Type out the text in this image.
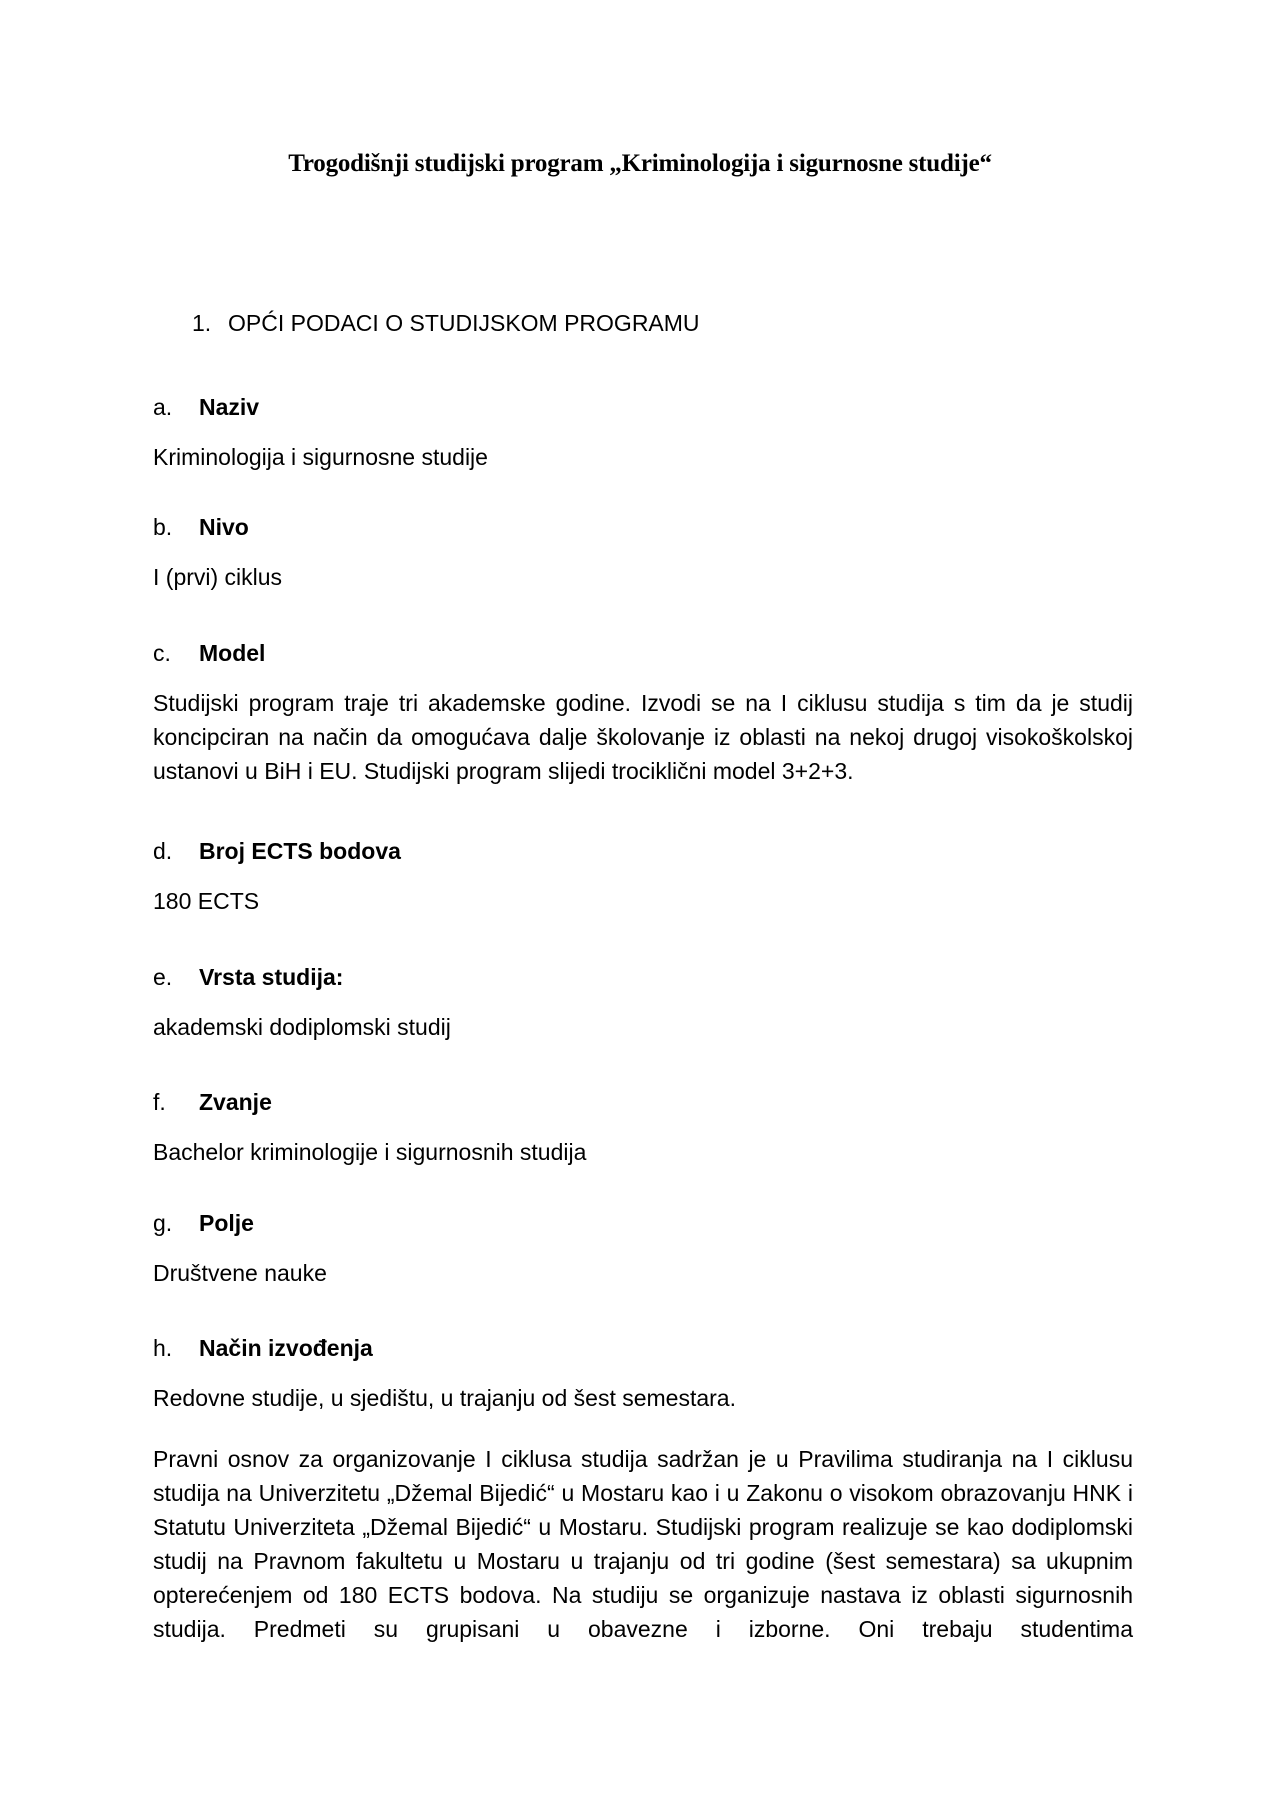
Trogodišnji studijski program „Kriminologija i sigurnosne studije“
1. OPĆI PODACI O STUDIJSKOM PROGRAMU
a. Naziv
Kriminologija i sigurnosne studije
b. Nivo
I (prvi) ciklus
c. Model
Studijski program traje tri akademske godine. Izvodi se na I ciklusu studija s tim da je studij koncipciran na način da omogućava dalje školovanje iz oblasti na nekoj drugoj visokoškolskoj ustanovi u BiH i EU. Studijski program slijedi trociklični model 3+2+3.
d. Broj ECTS bodova
180 ECTS
e. Vrsta studija:
akademski dodiplomski studij
f. Zvanje
Bachelor kriminologije i sigurnosnih studija
g. Polje
Društvene nauke
h. Način izvođenja
Redovne studije, u sjedištu, u trajanju od šest semestara.
Pravni osnov za organizovanje I ciklusa studija sadržan je u Pravilima studiranja na I ciklusu studija na Univerzitetu „Džemal Bijedić“ u Mostaru kao i u Zakonu o visokom obrazovanju HNK i Statutu Univerziteta „Džemal Bijedić“ u Mostaru. Studijski program realizuje se kao dodiplomski studij na Pravnom fakultetu u Mostaru u trajanju od tri godine (šest semestara) sa ukupnim opterećenjem od 180 ECTS bodova. Na studiju se organizuje nastava iz oblasti sigurnosnih studija. Predmeti su grupisani u obavezne i izborne. Oni trebaju studentima
